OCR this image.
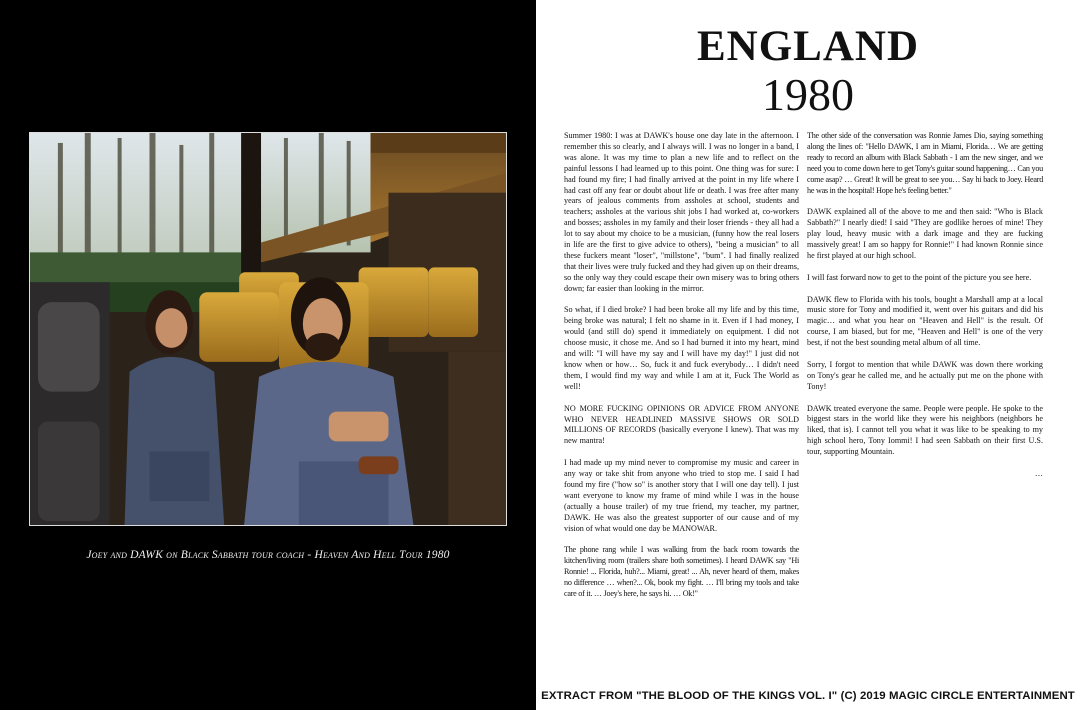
Joey and DAWK on Black Sabbath tour coach - Heaven And Hell Tour 1980
ENGLAND
1980

Summer 1980: I was at DAWK's house one day late in the afternoon. I remember this so clearly, and I always will. I was no longer in a band, I was alone. It was my time to plan a new life and to reflect on the painful lessons I had learned up to this point. One thing was for sure: I had found my fire; I had finally arrived at the point in my life where I had cast off any fear or doubt about life or death. I was free after many years of jealous comments from assholes at school, students and teachers; assholes at the various shit jobs I had worked at, co-workers and bosses; assholes in my family and their loser friends - they all had a lot to say about my choice to be a musician, (funny how the real losers in life are the first to give advice to others), "being a musician" to all these fuckers meant "loser", "millstone", "bum". I had finally realized that their lives were truly fucked and they had given up on their dreams, so the only way they could escape their own misery was to bring others down; far easier than looking in the mirror.

So what, if I died broke? I had been broke all my life and by this time, being broke was natural; I felt no shame in it. Even if I had money, I would (and still do) spend it immediately on equipment. I did not choose music, it chose me. And so I had burned it into my heart, mind and will: "I will have my say and I will have my day!" I just did not know when or how… So, fuck it and fuck everybody… I didn't need them, I would find my way and while I am at it, Fuck The World as well!

NO MORE FUCKING OPINIONS OR ADVICE FROM ANYONE WHO NEVER HEADLINED MASSIVE SHOWS OR SOLD MILLIONS OF RECORDS (basically everyone I knew). That was my new mantra!

I had made up my mind never to compromise my music and career in any way or take shit from anyone who tried to stop me. I said I had found my fire ("how so" is another story that I will one day tell). I just want everyone to know my frame of mind while I was in the house (actually a house trailer) of my true friend, my teacher, my partner, DAWK. He was also the greatest supporter of our cause and of my vision of what would one day be MANOWAR.

The phone rang while I was walking from the back room towards the kitchen/living room (trailers share both sometimes). I heard DAWK say "Hi Ronnie! ... Florida, huh?... Miami, great! ... Ah, never heard of them, makes no difference … when?... Ok, book my fight. … I'll bring my tools and take care of it. … Joey's here, he says hi. … Ok!"

The other side of the conversation was Ronnie James Dio, saying something along the lines of: "Hello DAWK, I am in Miami, Florida… We are getting ready to record an album with Black Sabbath - I am the new singer, and we need you to come down here to get Tony's guitar sound happening… Can you come asap? … Great! It will be great to see you… Say hi back to Joey. Heard he was in the hospital! Hope he's feeling better."

DAWK explained all of the above to me and then said: "Who is Black Sabbath?" I nearly died! I said "They are godlike heroes of mine! They play loud, heavy music with a dark image and they are fucking massively great! I am so happy for Ronnie!" I had known Ronnie since he first played at our high school.

I will fast forward now to get to the point of the picture you see here.

DAWK flew to Florida with his tools, bought a Marshall amp at a local music store for Tony and modified it, went over his guitars and did his magic… and what you hear on "Heaven and Hell" is the result. Of course, I am biased, but for me, "Heaven and Hell" is one of the very best, if not the best sounding metal album of all time.

Sorry, I forgot to mention that while DAWK was down there working on Tony's gear he called me, and he actually put me on the phone with Tony!

DAWK treated everyone the same. People were people. He spoke to the biggest stars in the world like they were his neighbors (neighbors he liked, that is). I cannot tell you what it was like to be speaking to my high school hero, Tony Iommi! I had seen Sabbath on their first U.S. tour, supporting Mountain.

…

EXTRACT FROM "THE BLOOD OF THE KINGS VOL. I" (C) 2019 MAGIC CIRCLE ENTERTAINMENT
